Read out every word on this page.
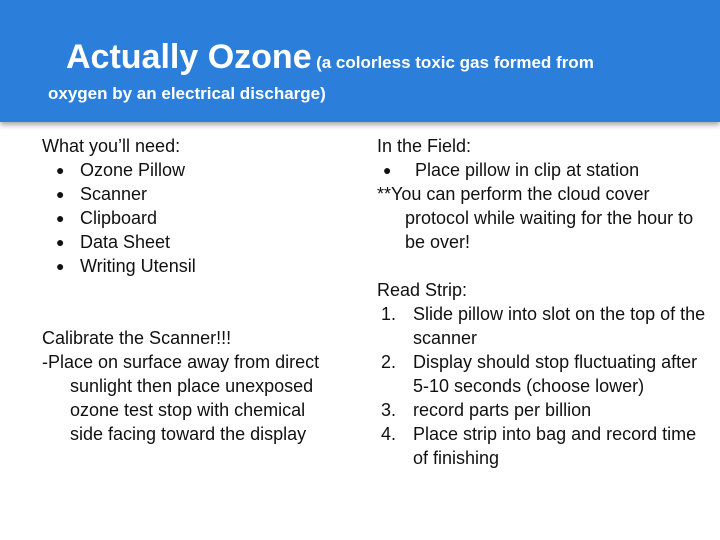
Actually Ozone (a colorless toxic gas formed from
oxygen by an electrical discharge)

What you’ll need:

● Ozone Pillow
● Scanner
● Clipboard
● Data Sheet
● Writing Utensil

Calibrate the Scanner!!!

-Place on surface away from direct sunlight then place unexposed ozone test stop with chemical side facing toward the display

In the Field:

● Place pillow in clip at station

**You can perform the cloud cover protocol while waiting for the hour to be over!

Read Strip:

1. Slide pillow into slot on the top of the scanner
2. Display should stop fluctuating after 5-10 seconds (choose lower)
3. record parts per billion
4. Place strip into bag and record time of finishing
